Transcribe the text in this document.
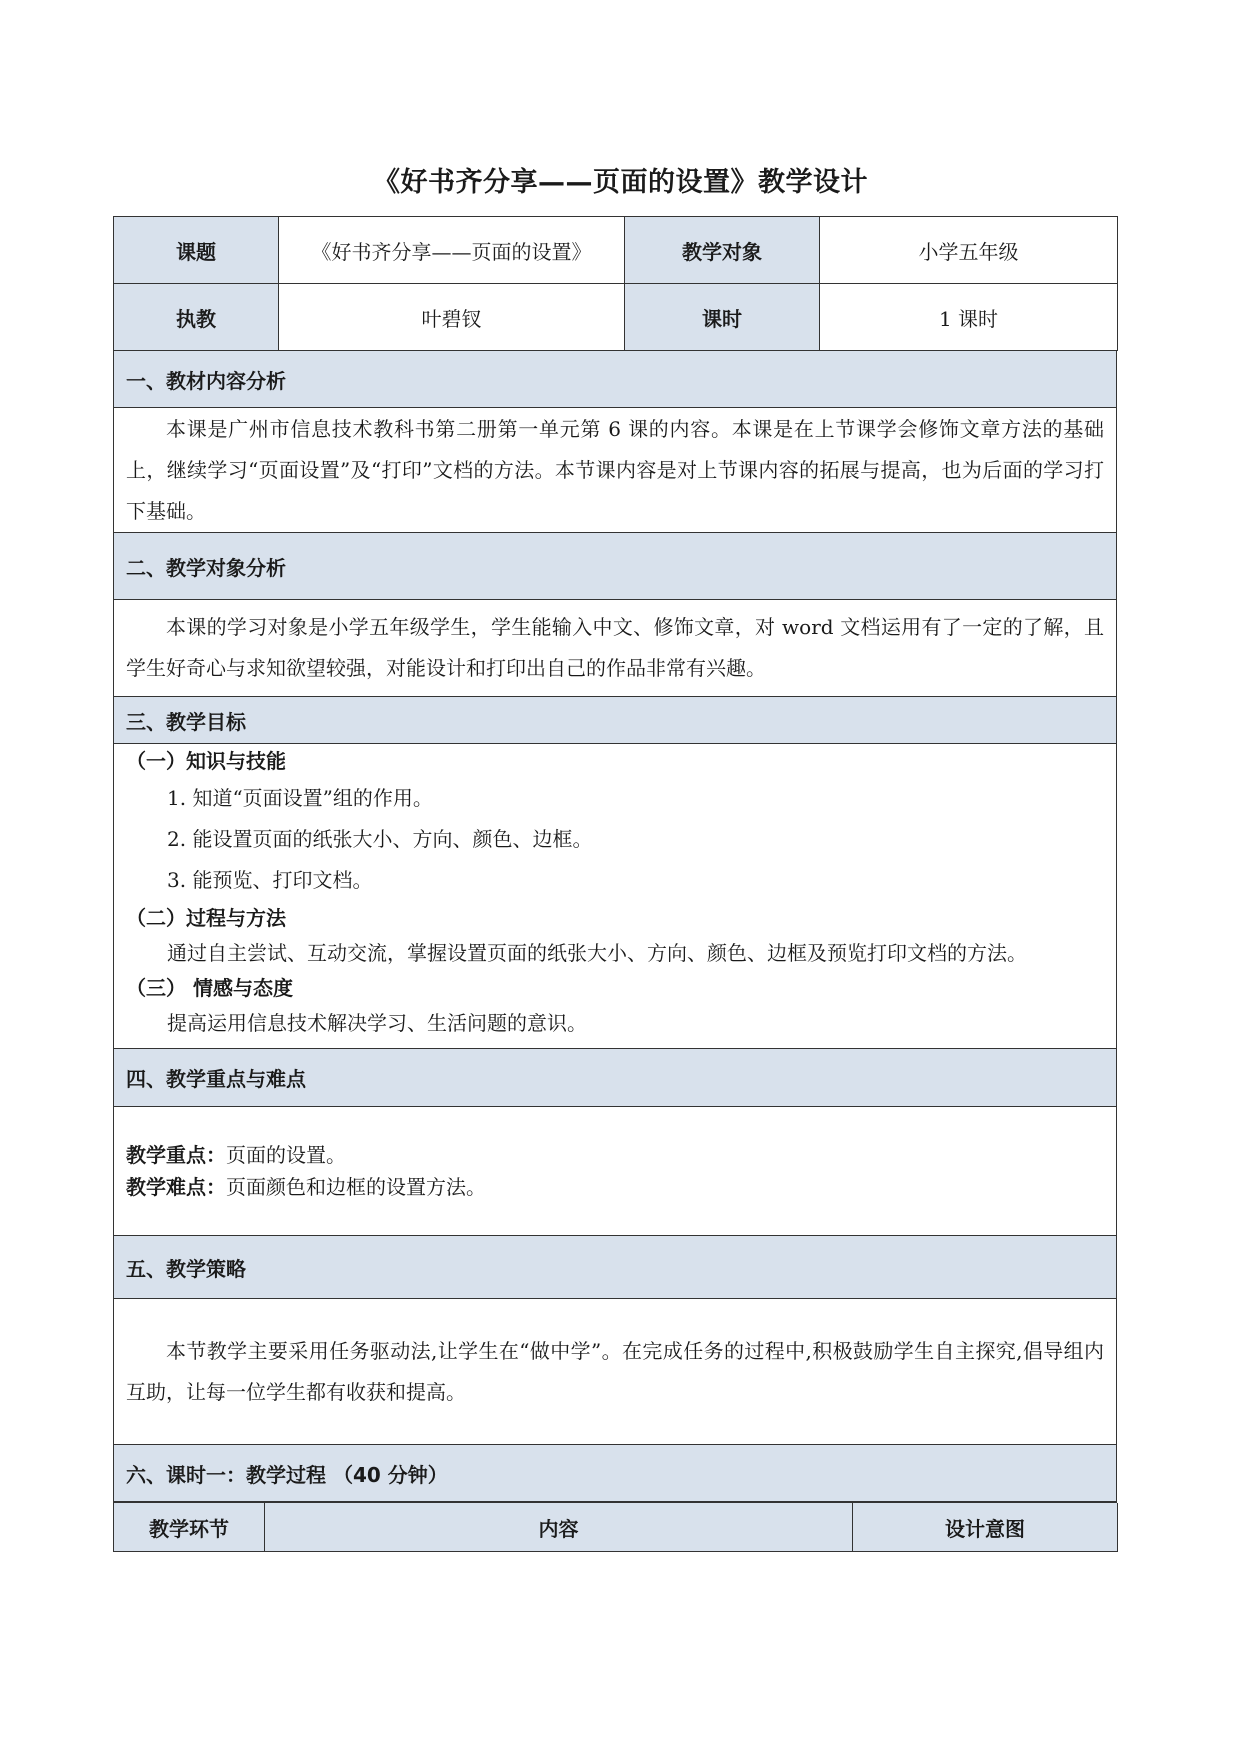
《好书齐分享——页面的设置》教学设计
课题	《好书齐分享——页面的设置》	教学对象	小学五年级
执教	叶碧钗	课时	1 课时
一、教材内容分析
本课是广州市信息技术教科书第二册第一单元第 6 课的内容。本课是在上节课学会修饰文章方法的基础上，继续学习“页面设置”及“打印”文档的方法。本节课内容是对上节课内容的拓展与提高，也为后面的学习打下基础。
二、教学对象分析
本课的学习对象是小学五年级学生，学生能输入中文、修饰文章，对 word 文档运用有了一定的了解，且学生好奇心与求知欲望较强，对能设计和打印出自己的作品非常有兴趣。
三、教学目标
（一）知识与技能
1. 知道“页面设置”组的作用。
2. 能设置页面的纸张大小、方向、颜色、边框。
3. 能预览、打印文档。
（二）过程与方法
通过自主尝试、互动交流，掌握设置页面的纸张大小、方向、颜色、边框及预览打印文档的方法。
（三） 情感与态度
提高运用信息技术解决学习、生活问题的意识。
四、教学重点与难点
教学重点：页面的设置。
教学难点：页面颜色和边框的设置方法。
五、教学策略
本节教学主要采用任务驱动法,让学生在“做中学”。在完成任务的过程中,积极鼓励学生自主探究,倡导组内互助，让每一位学生都有收获和提高。
六、课时一：教学过程 （40 分钟）
教学环节	内容	设计意图
